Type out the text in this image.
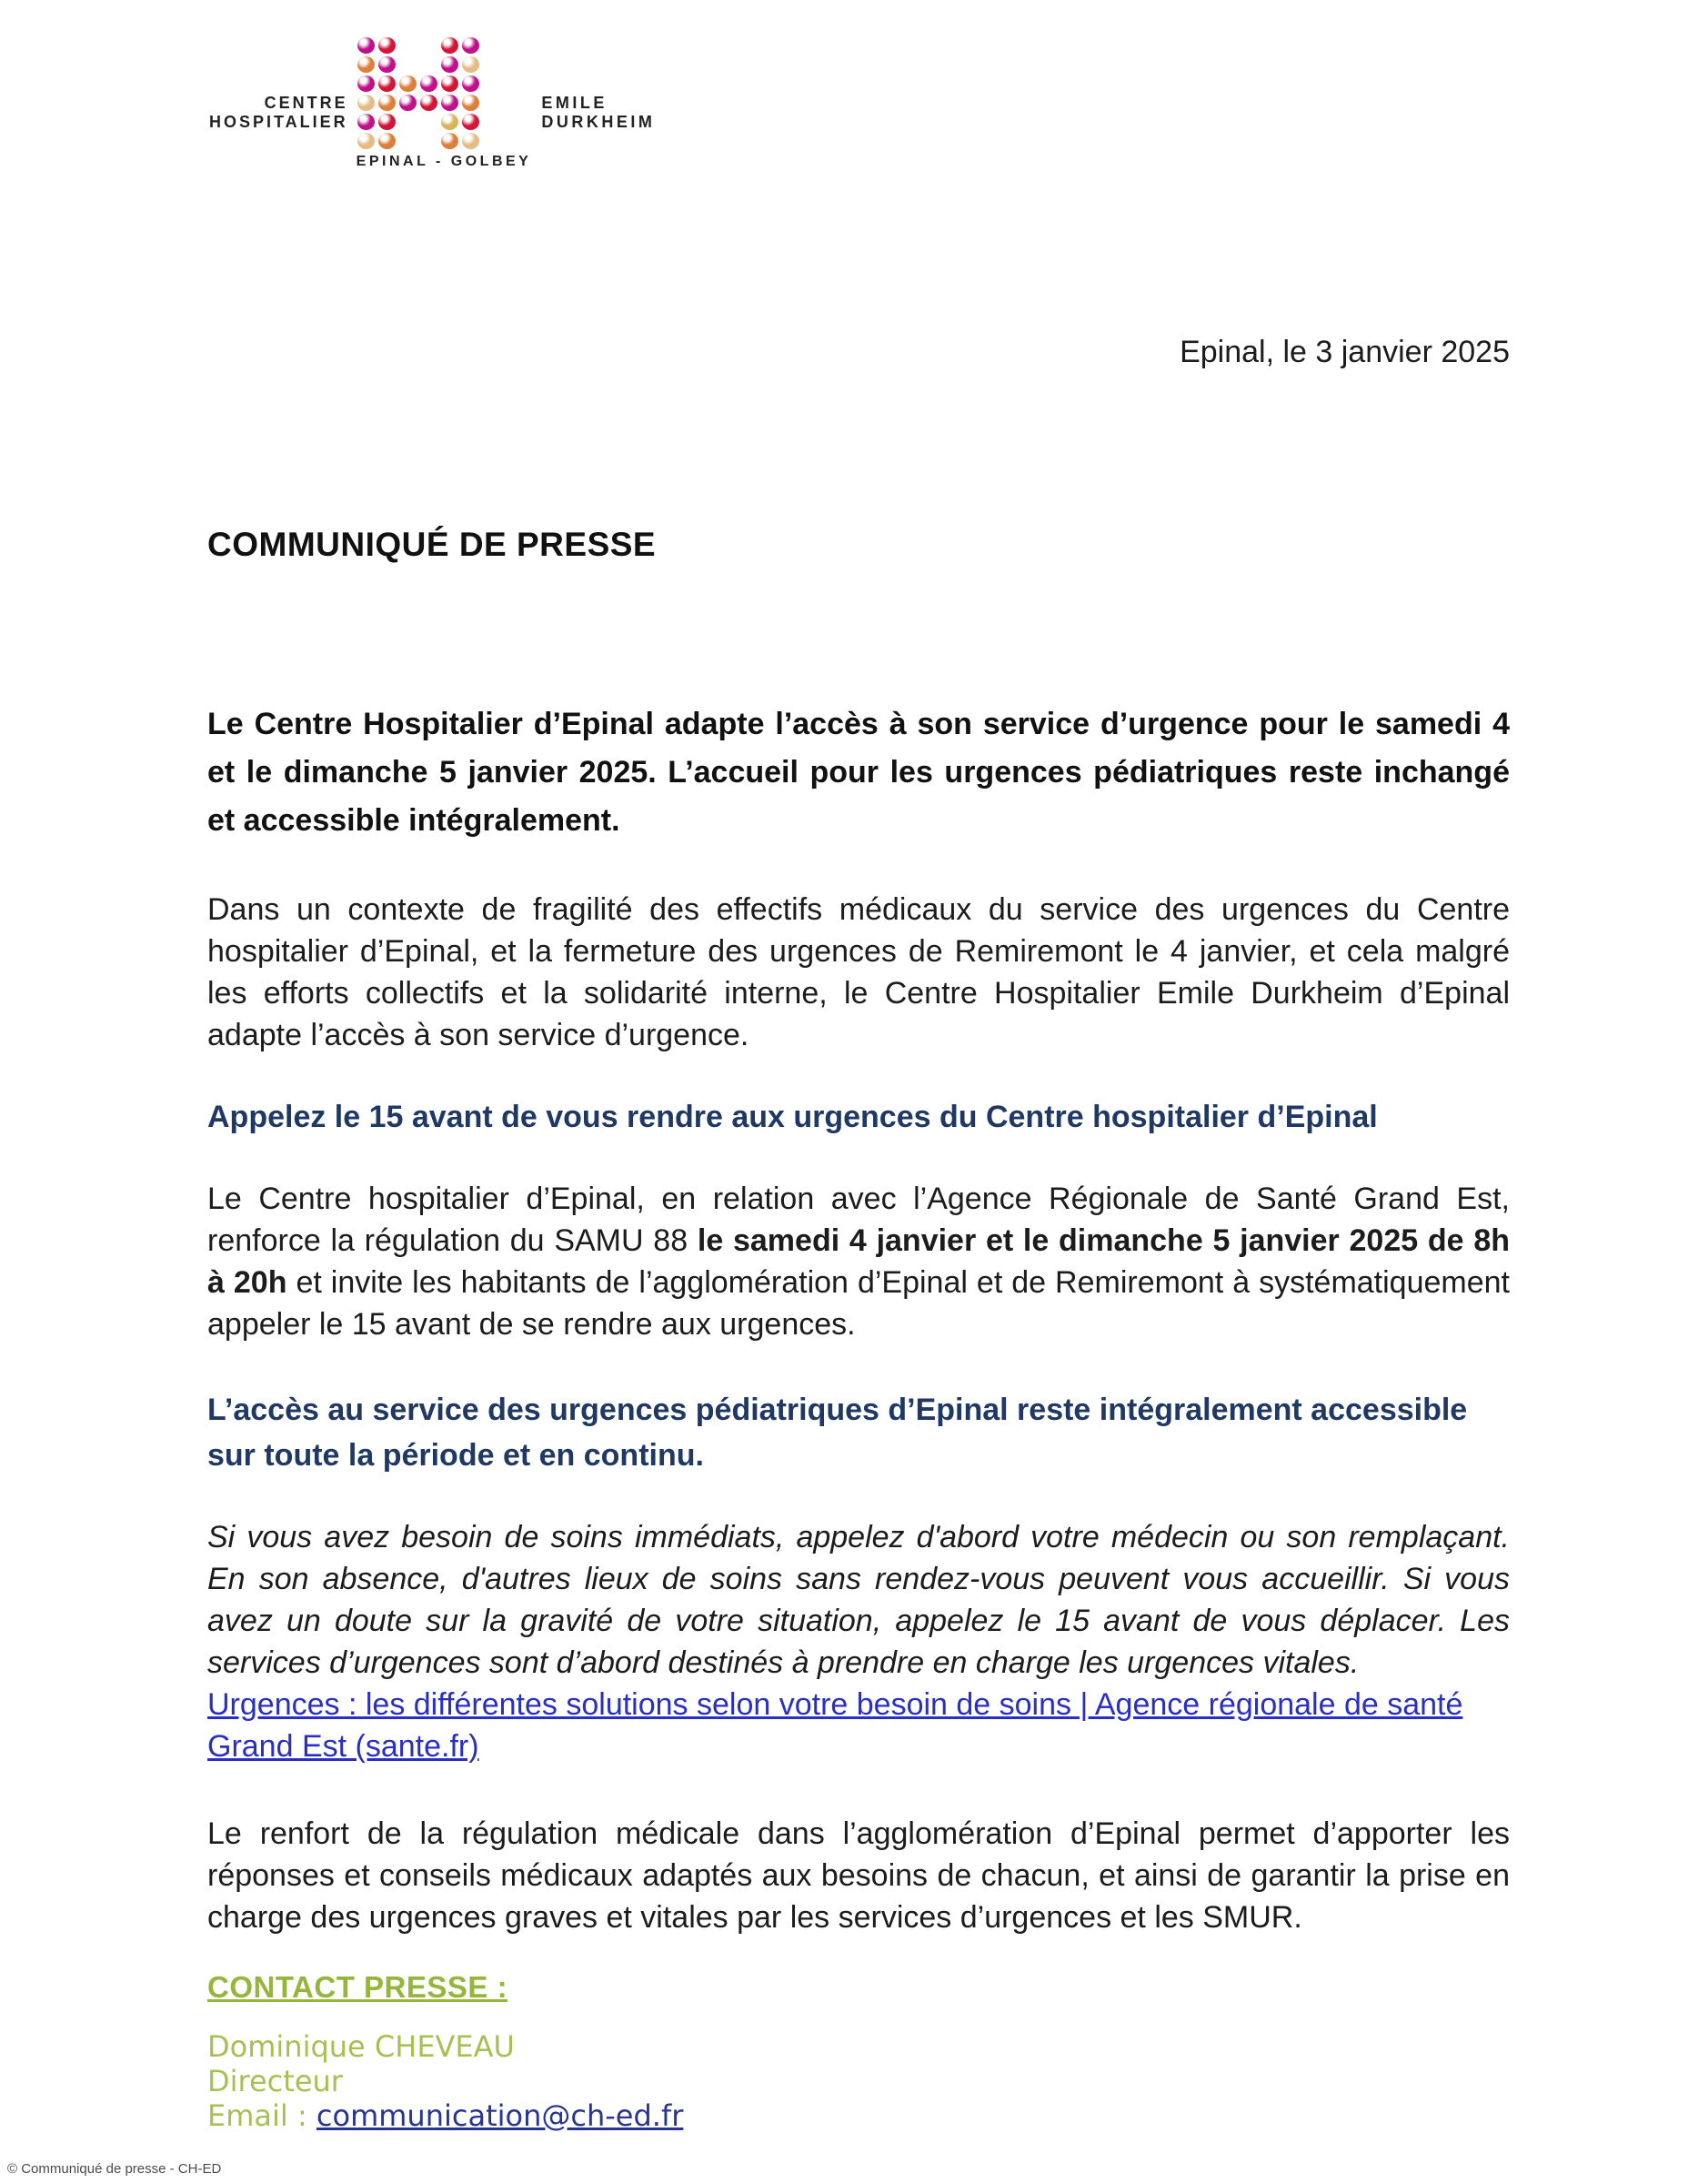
CENTRE
HOSPITALIER
EPINAL - GOLBEY
EMILE
DURKHEIM
Epinal, le 3 janvier 2025
COMMUNIQUÉ DE PRESSE
Le Centre Hospitalier d’Epinal adapte l’accès à son service d’urgence pour le samedi 4 et le dimanche 5 janvier 2025. L’accueil pour les urgences pédiatriques reste inchangé et accessible intégralement.
Dans un contexte de fragilité des effectifs médicaux du service des urgences du Centre hospitalier d’Epinal, et la fermeture des urgences de Remiremont le 4 janvier, et cela malgré les efforts collectifs et la solidarité interne, le Centre Hospitalier Emile Durkheim d’Epinal adapte l’accès à son service d’urgence.
Appelez le 15 avant de vous rendre aux urgences du Centre hospitalier d’Epinal
Le Centre hospitalier d’Epinal, en relation avec l’Agence Régionale de Santé Grand Est, renforce la régulation du SAMU 88 le samedi 4 janvier et le dimanche 5 janvier 2025 de 8h à 20h et invite les habitants de l’agglomération d’Epinal et de Remiremont à systématiquement appeler le 15 avant de se rendre aux urgences.
L’accès au service des urgences pédiatriques d’Epinal reste intégralement accessible sur toute la période et en continu.
Si vous avez besoin de soins immédiats, appelez d'abord votre médecin ou son remplaçant. En son absence, d'autres lieux de soins sans rendez-vous peuvent vous accueillir. Si vous avez un doute sur la gravité de votre situation, appelez le 15 avant de vous déplacer. Les services d’urgences sont d’abord destinés à prendre en charge les urgences vitales.
Urgences : les différentes solutions selon votre besoin de soins | Agence régionale de santé Grand Est (sante.fr)
Le renfort de la régulation médicale dans l’agglomération d’Epinal permet d’apporter les réponses et conseils médicaux adaptés aux besoins de chacun, et ainsi de garantir la prise en charge des urgences graves et vitales par les services d’urgences et les SMUR.
CONTACT PRESSE :
Dominique CHEVEAU
Directeur
Email : communication@ch-ed.fr
© Communiqué de presse - CH-ED
